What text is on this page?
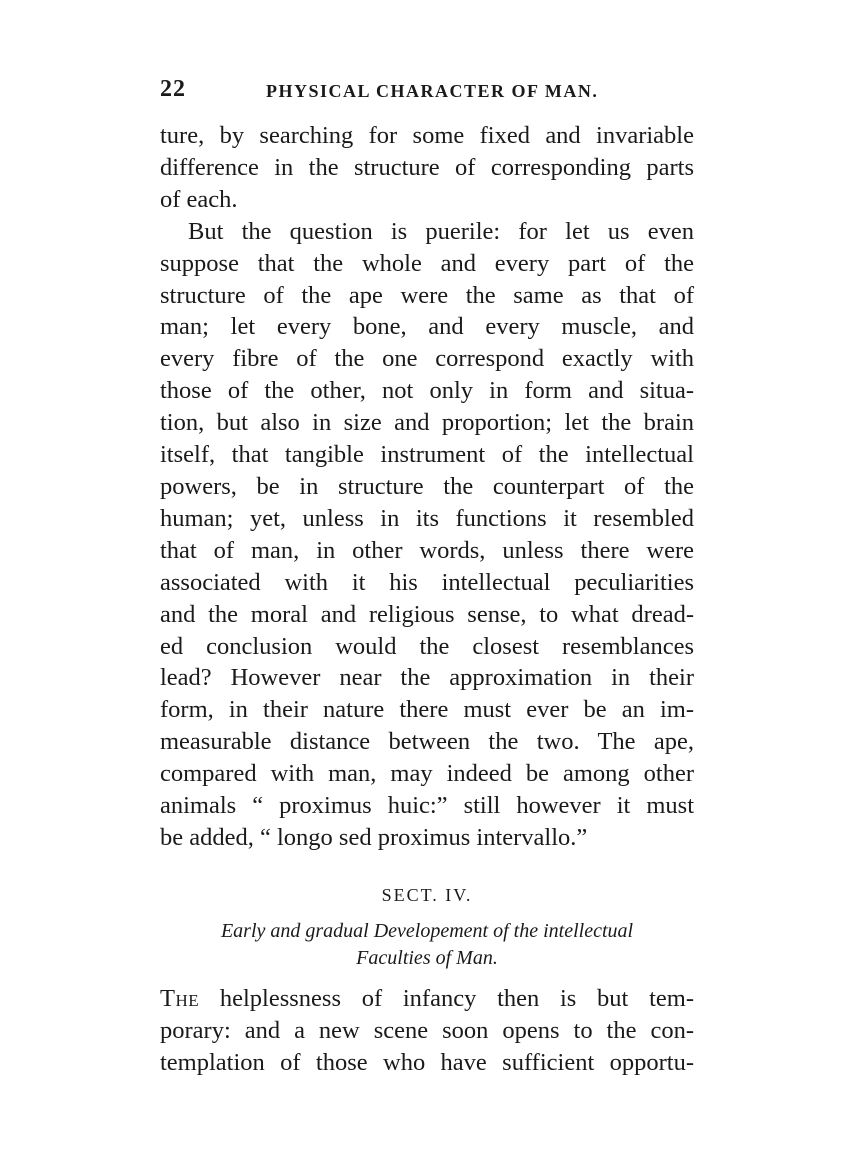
22	PHYSICAL CHARACTER OF MAN.
ture, by searching for some fixed and invariable
difference in the structure of corresponding parts
of each.
But the question is puerile: for let us even
suppose that the whole and every part of the
structure of the ape were the same as that of
man; let every bone, and every muscle, and
every fibre of the one correspond exactly with
those of the other, not only in form and situa-
tion, but also in size and proportion; let the brain
itself, that tangible instrument of the intellectual
powers, be in structure the counterpart of the
human; yet, unless in its functions it resembled
that of man, in other words, unless there were
associated with it his intellectual peculiarities
and the moral and religious sense, to what dread-
ed conclusion would the closest resemblances
lead? However near the approximation in their
form, in their nature there must ever be an im-
measurable distance between the two. The ape,
compared with man, may indeed be among other
animals “ proximus huic:” still however it must
be added, “ longo sed proximus intervallo.”
SECT. IV.
Early and gradual Developement of the intellectual
Faculties of Man.
The helplessness of infancy then is but tem-
porary: and a new scene soon opens to the con-
templation of those who have sufficient opportu-
